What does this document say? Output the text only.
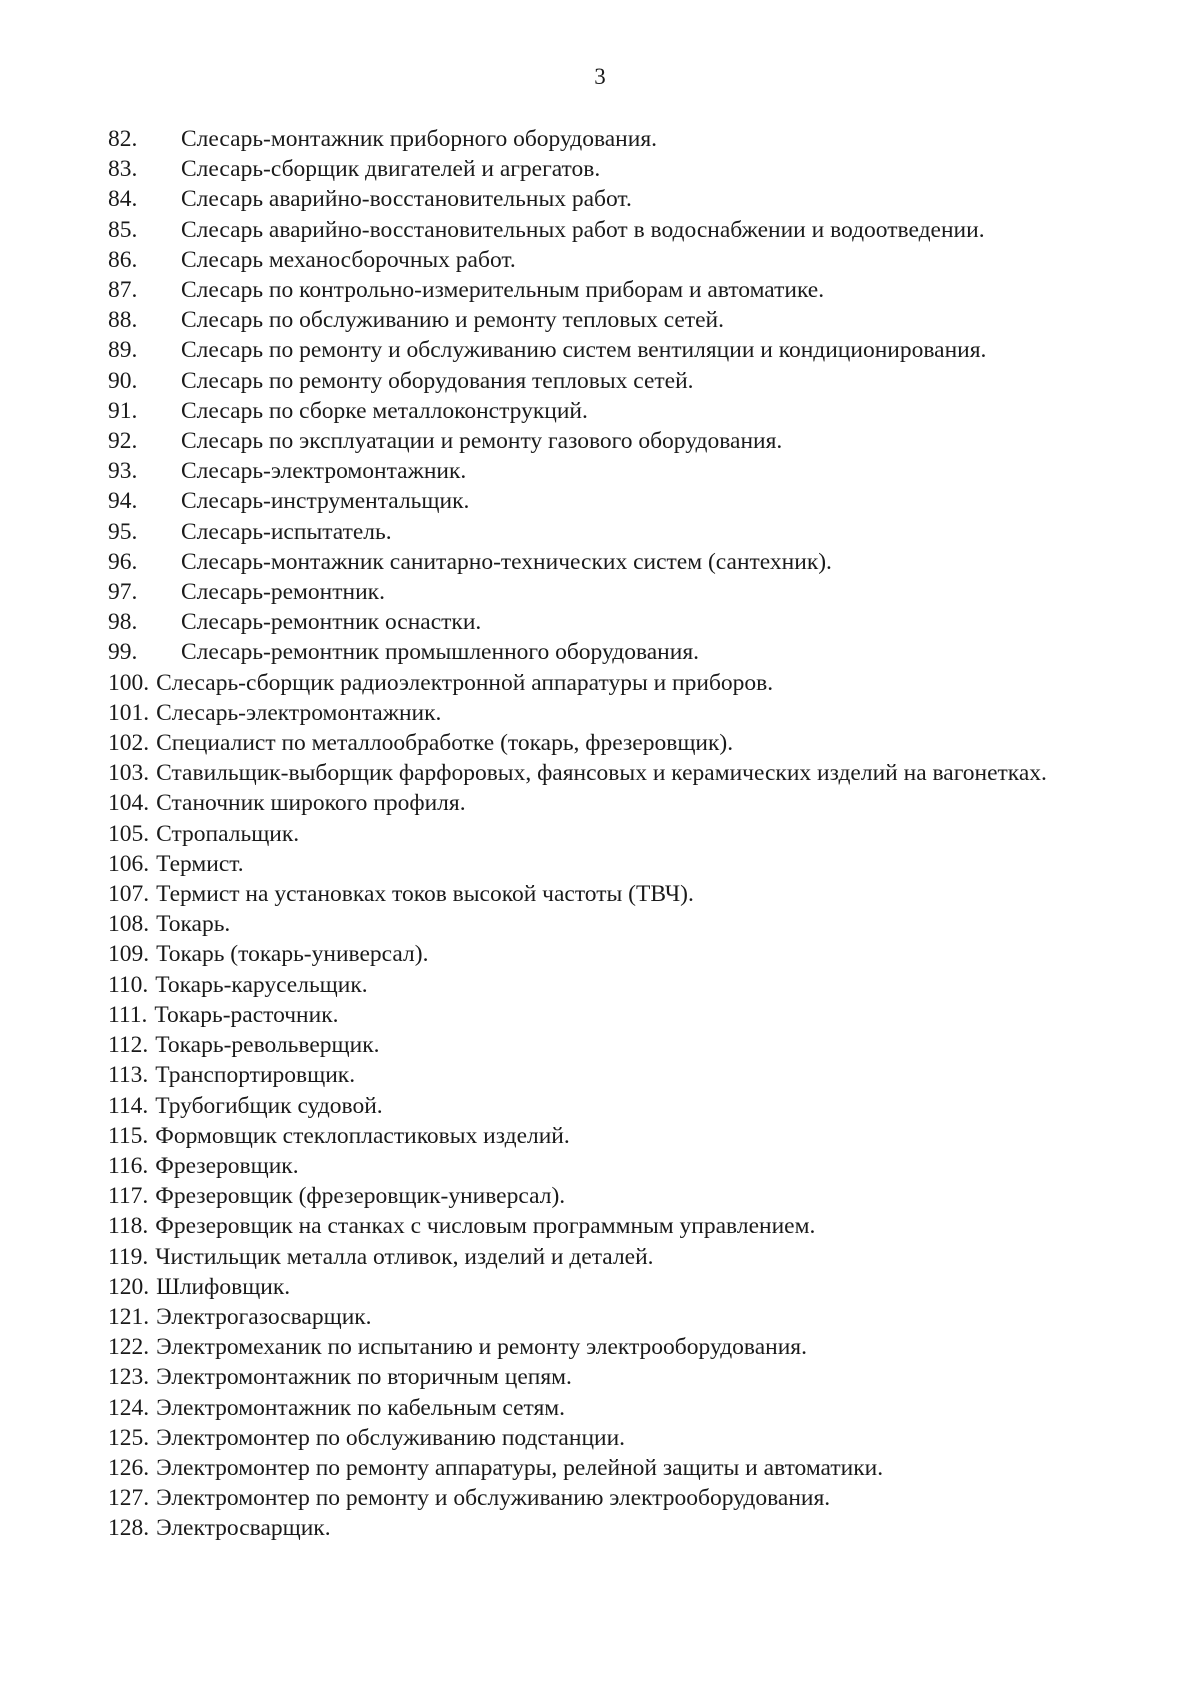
3
82.	Слесарь-монтажник приборного оборудования.
83.	Слесарь-сборщик двигателей и агрегатов.
84.	Слесарь аварийно-восстановительных работ.
85.	Слесарь аварийно-восстановительных работ в водоснабжении и водоотведении.
86.	Слесарь механосборочных работ.
87.	Слесарь по контрольно-измерительным приборам и автоматике.
88.	Слесарь по обслуживанию и ремонту тепловых сетей.
89.	Слесарь по ремонту и обслуживанию систем вентиляции и кондиционирования.
90.	Слесарь по ремонту оборудования тепловых сетей.
91.	Слесарь по сборке металлоконструкций.
92.	Слесарь по эксплуатации и ремонту газового оборудования.
93.	Слесарь-электромонтажник.
94.	Слесарь-инструментальщик.
95.	Слесарь-испытатель.
96.	Слесарь-монтажник санитарно-технических систем (сантехник).
97.	Слесарь-ремонтник.
98.	Слесарь-ремонтник оснастки.
99.	Слесарь-ремонтник промышленного оборудования.
100. Слесарь-сборщик радиоэлектронной аппаратуры и приборов.
101. Слесарь-электромонтажник.
102. Специалист по металлообработке (токарь, фрезеровщик).
103. Ставильщик-выборщик фарфоровых, фаянсовых и керамических изделий на вагонетках.
104. Станочник широкого профиля.
105. Стропальщик.
106. Термист.
107. Термист на установках токов высокой частоты (ТВЧ).
108. Токарь.
109. Токарь (токарь-универсал).
110. Токарь-карусельщик.
111. Токарь-расточник.
112. Токарь-револьверщик.
113. Транспортировщик.
114. Трубогибщик судовой.
115. Формовщик стеклопластиковых изделий.
116. Фрезеровщик.
117. Фрезеровщик (фрезеровщик-универсал).
118. Фрезеровщик на станках с числовым программным управлением.
119. Чистильщик металла отливок, изделий и деталей.
120. Шлифовщик.
121. Электрогазосварщик.
122. Электромеханик по испытанию и ремонту электрооборудования.
123. Электромонтажник по вторичным цепям.
124. Электромонтажник по кабельным сетям.
125. Электромонтер по обслуживанию подстанции.
126. Электромонтер по ремонту аппаратуры, релейной защиты и автоматики.
127. Электромонтер по ремонту и обслуживанию электрооборудования.
128. Электросварщик.
